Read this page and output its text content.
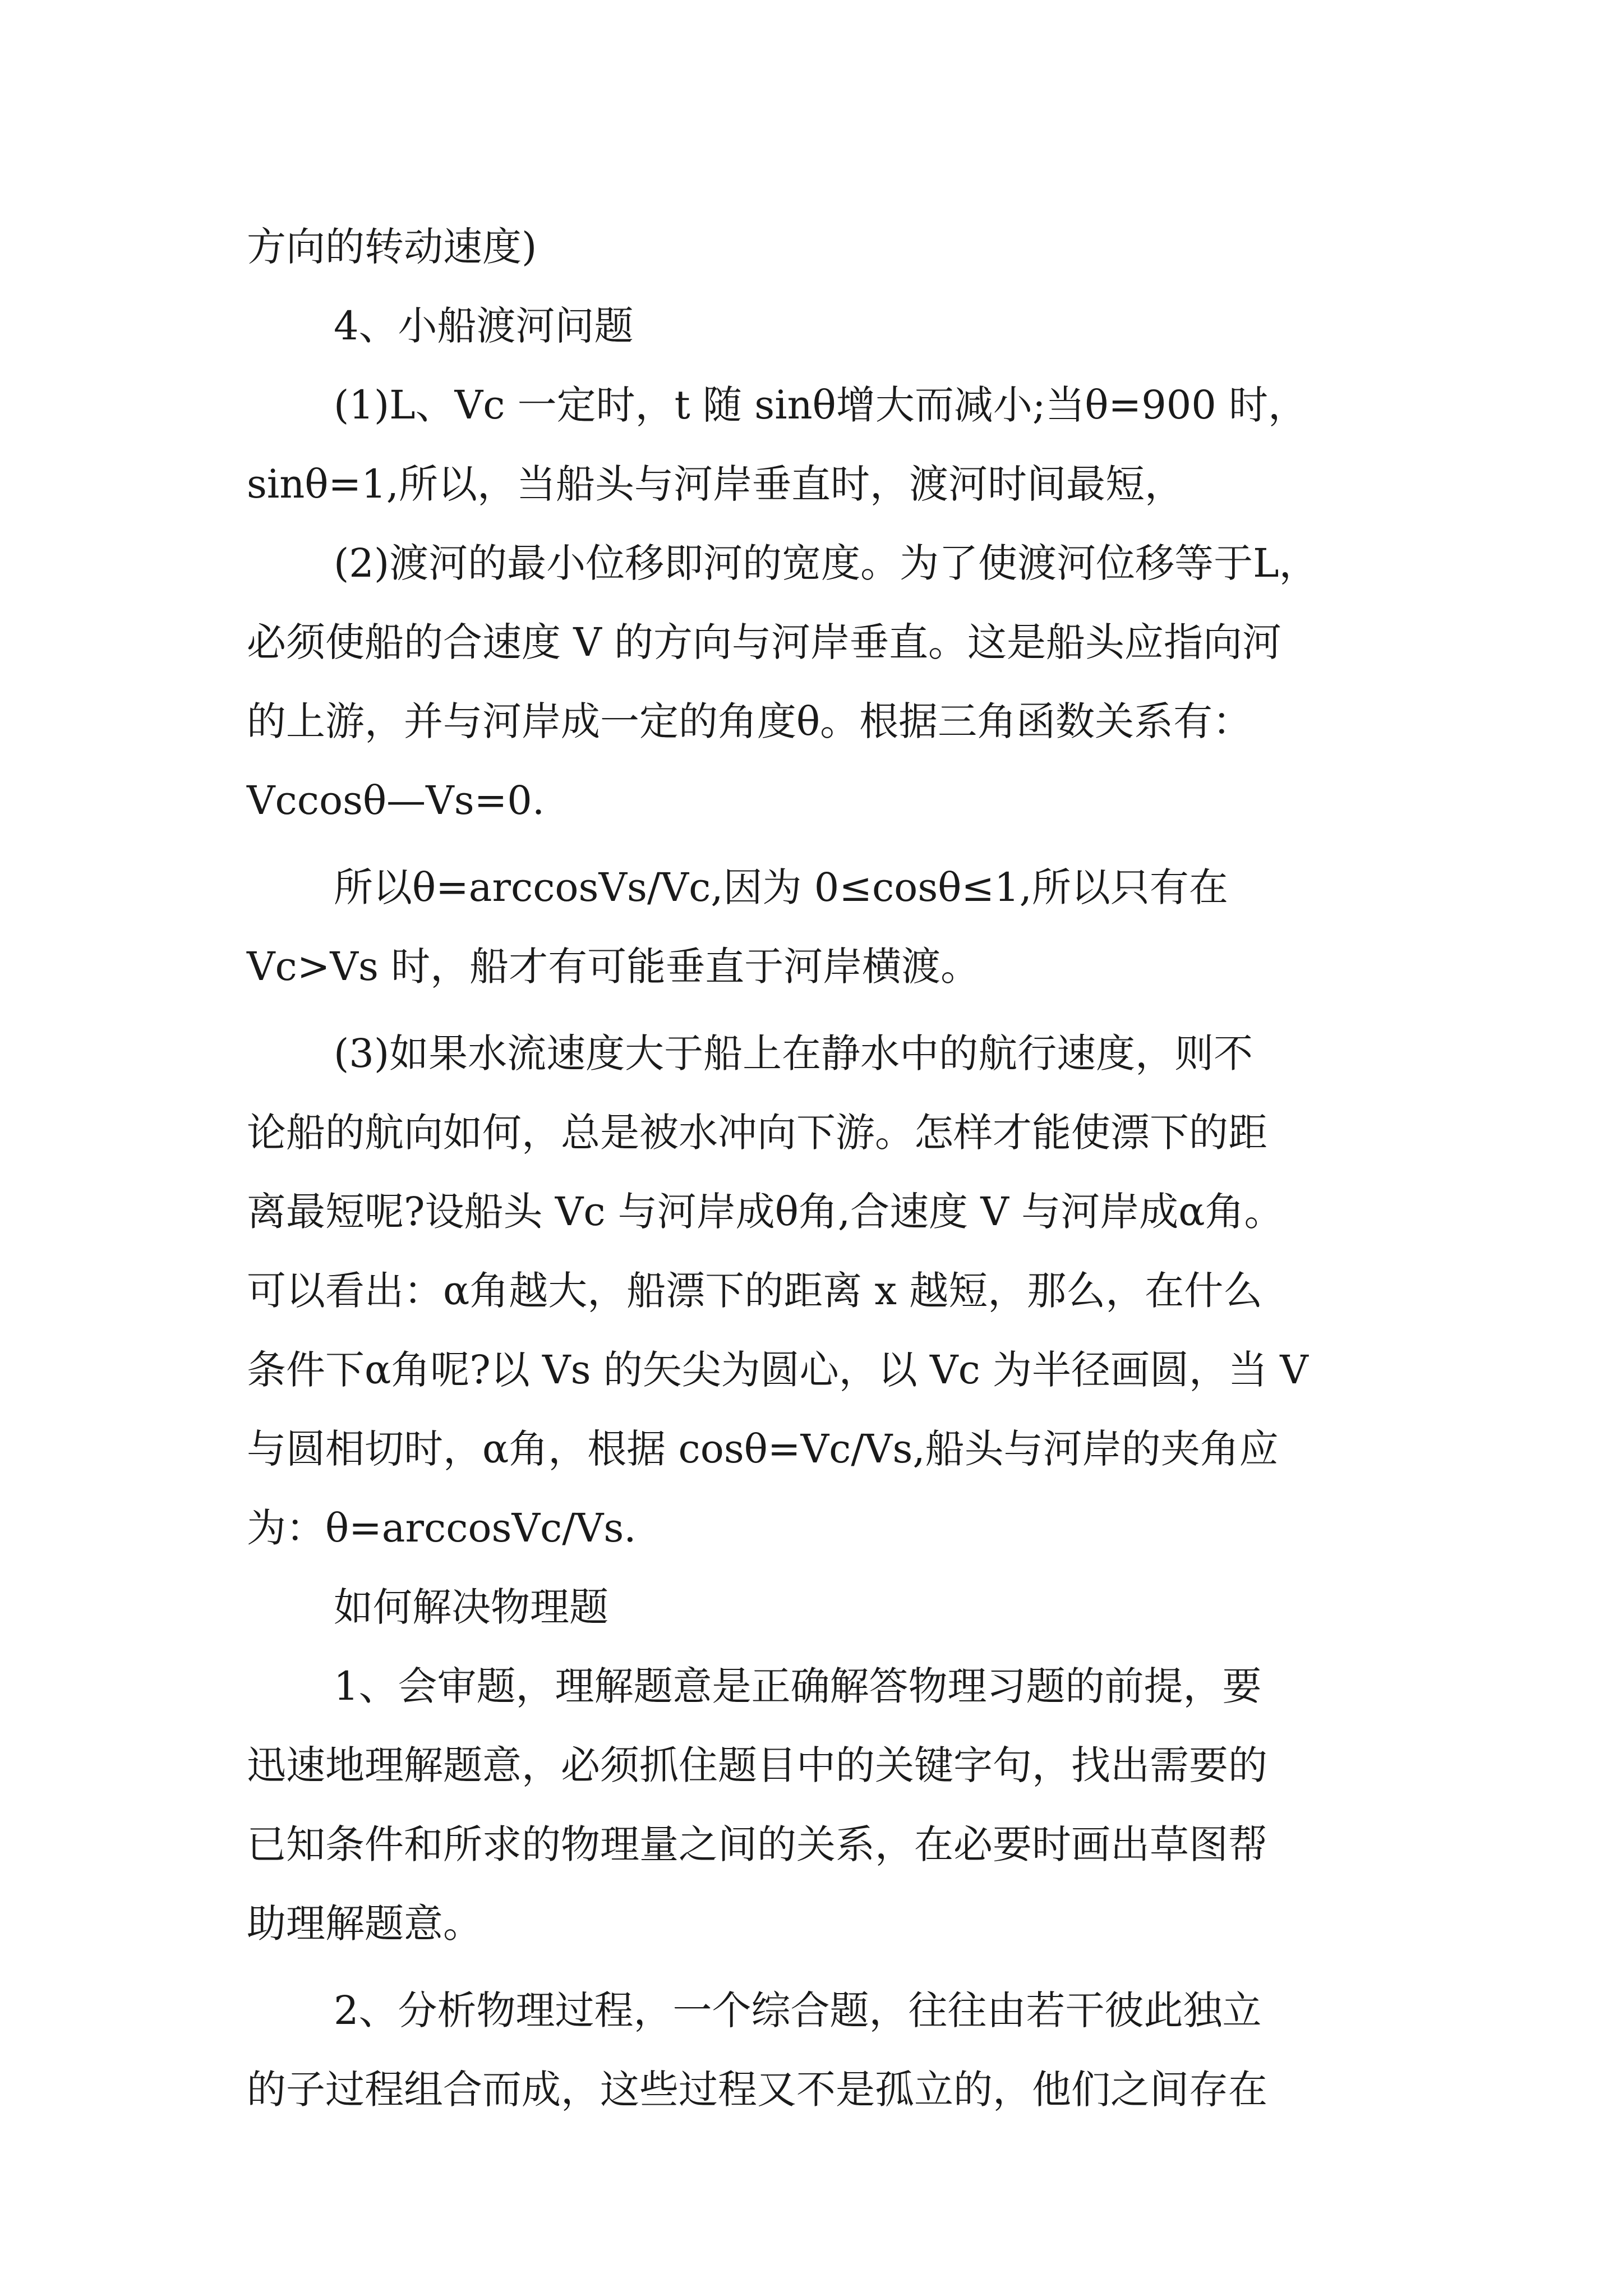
方向的转动速度)
4、小船渡河问题
(1)L、Vc 一定时，t 随 sinθ增大而减小;当θ=900 时，
sinθ=1,所以，当船头与河岸垂直时，渡河时间最短，
(2)渡河的最小位移即河的宽度。为了使渡河位移等于L，
必须使船的合速度 V 的方向与河岸垂直。这是船头应指向河
的上游，并与河岸成一定的角度θ。根据三角函数关系有：
Vccosθ—Vs=0.
所以θ=arccosVs/Vc,因为 0≤cosθ≤1,所以只有在
Vc>Vs 时，船才有可能垂直于河岸横渡。
(3)如果水流速度大于船上在静水中的航行速度，则不
论船的航向如何，总是被水冲向下游。怎样才能使漂下的距
离最短呢?设船头 Vc 与河岸成θ角,合速度 V 与河岸成α角。
可以看出：α角越大，船漂下的距离 x 越短，那么，在什么
条件下α角呢?以 Vs 的矢尖为圆心，以 Vc 为半径画圆，当 V
与圆相切时，α角，根据 cosθ=Vc/Vs,船头与河岸的夹角应
为：θ=arccosVc/Vs.
如何解决物理题
1、会审题，理解题意是正确解答物理习题的前提，要
迅速地理解题意，必须抓住题目中的关键字句，找出需要的
已知条件和所求的物理量之间的关系，在必要时画出草图帮
助理解题意。
2、分析物理过程，一个综合题，往往由若干彼此独立
的子过程组合而成，这些过程又不是孤立的，他们之间存在
